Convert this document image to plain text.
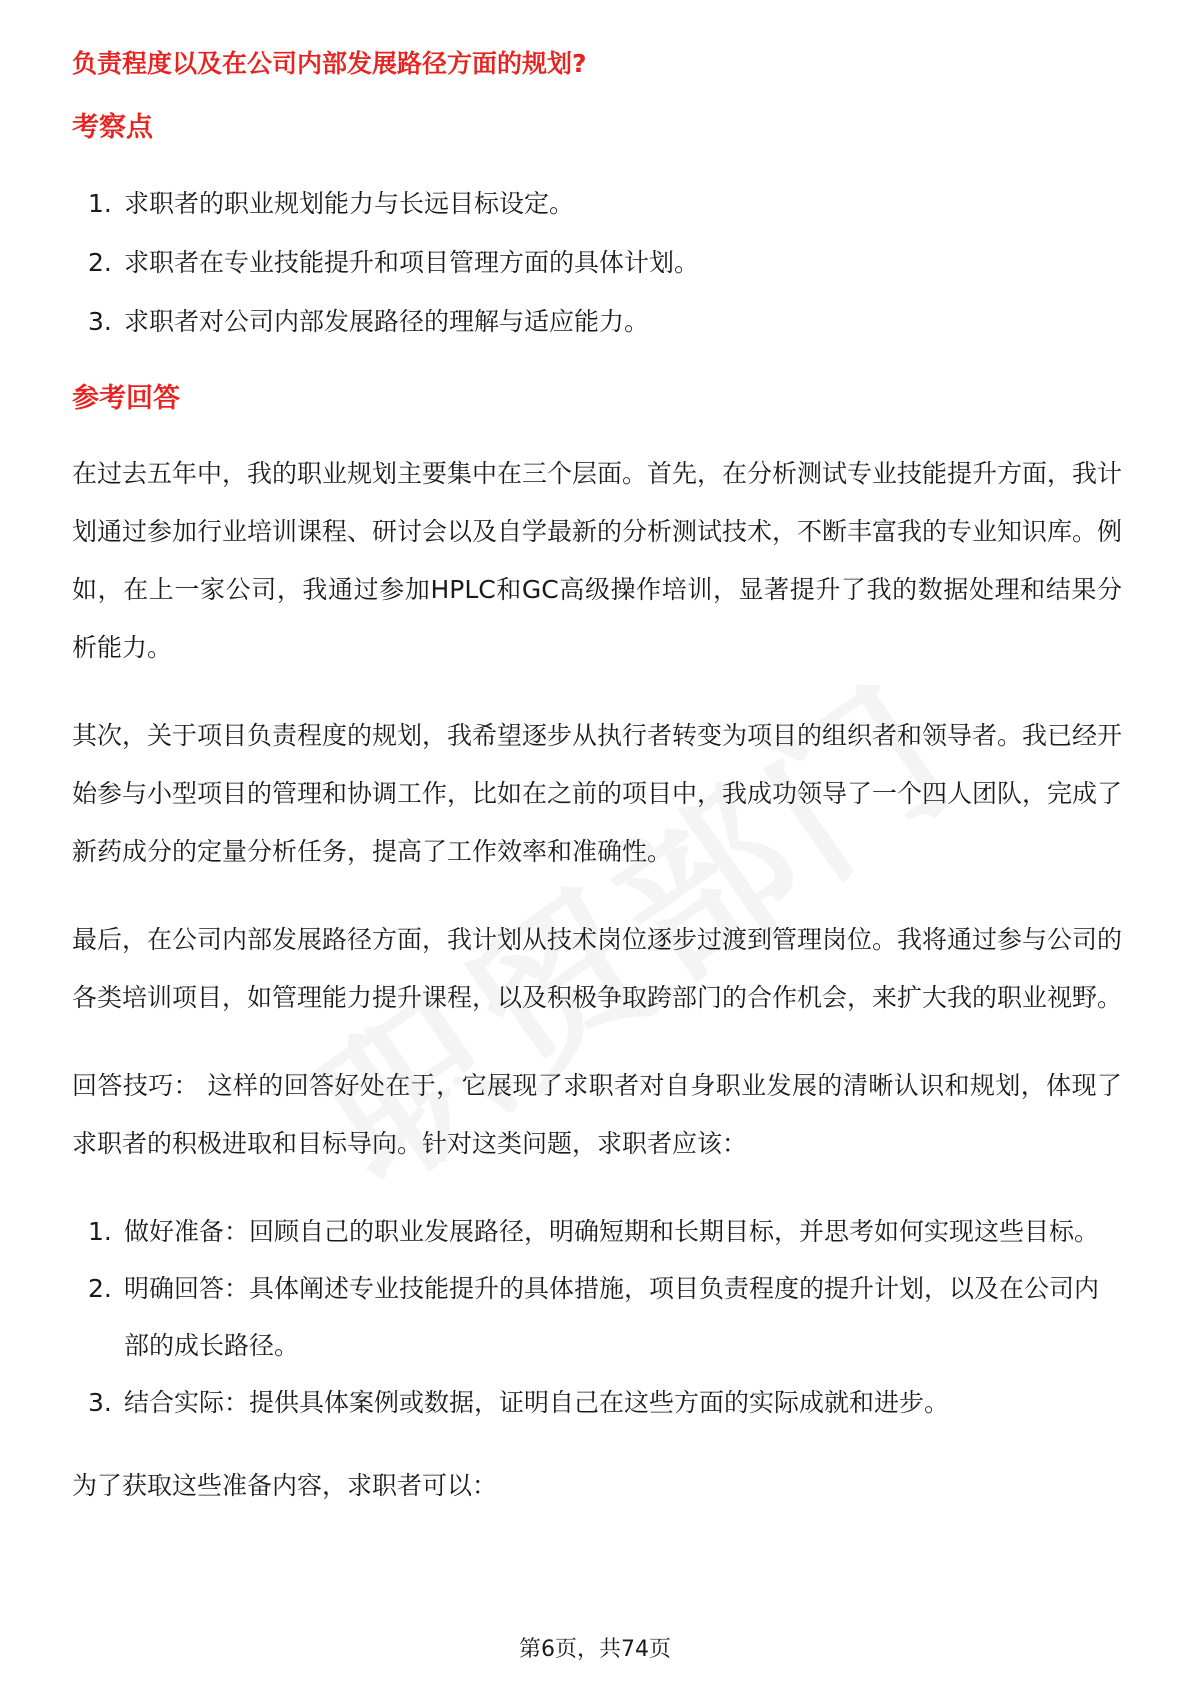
负责程度以及在公司内部发展路径方面的规划?
考察点
1. 求职者的职业规划能力与长远目标设定。
2. 求职者在专业技能提升和项目管理方面的具体计划。
3. 求职者对公司内部发展路径的理解与适应能力。
参考回答

在过去五年中，我的职业规划主要集中在三个层面。首先，在分析测试专业技能提升方面，我计划通过参加行业培训课程、研讨会以及自学最新的分析测试技术，不断丰富我的专业知识库。例如，在上一家公司，我通过参加HPLC和GC高级操作培训，显著提升了我的数据处理和结果分析能力。

其次，关于项目负责程度的规划，我希望逐步从执行者转变为项目的组织者和领导者。我已经开始参与小型项目的管理和协调工作，比如在之前的项目中，我成功领导了一个四人团队，完成了新药成分的定量分析任务，提高了工作效率和准确性。

最后，在公司内部发展路径方面，我计划从技术岗位逐步过渡到管理岗位。我将通过参与公司的各类培训项目，如管理能力提升课程，以及积极争取跨部门的合作机会，来扩大我的职业视野。

回答技巧： 这样的回答好处在于，它展现了求职者对自身职业发展的清晰认识和规划，体现了求职者的积极进取和目标导向。针对这类问题，求职者应该：

1. 做好准备：回顾自己的职业发展路径，明确短期和长期目标，并思考如何实现这些目标。
2. 明确回答：具体阐述专业技能提升的具体措施，项目负责程度的提升计划，以及在公司内部的成长路径。
3. 结合实际：提供具体案例或数据，证明自己在这些方面的实际成就和进步。

为了获取这些准备内容，求职者可以：

第6页，共74页
